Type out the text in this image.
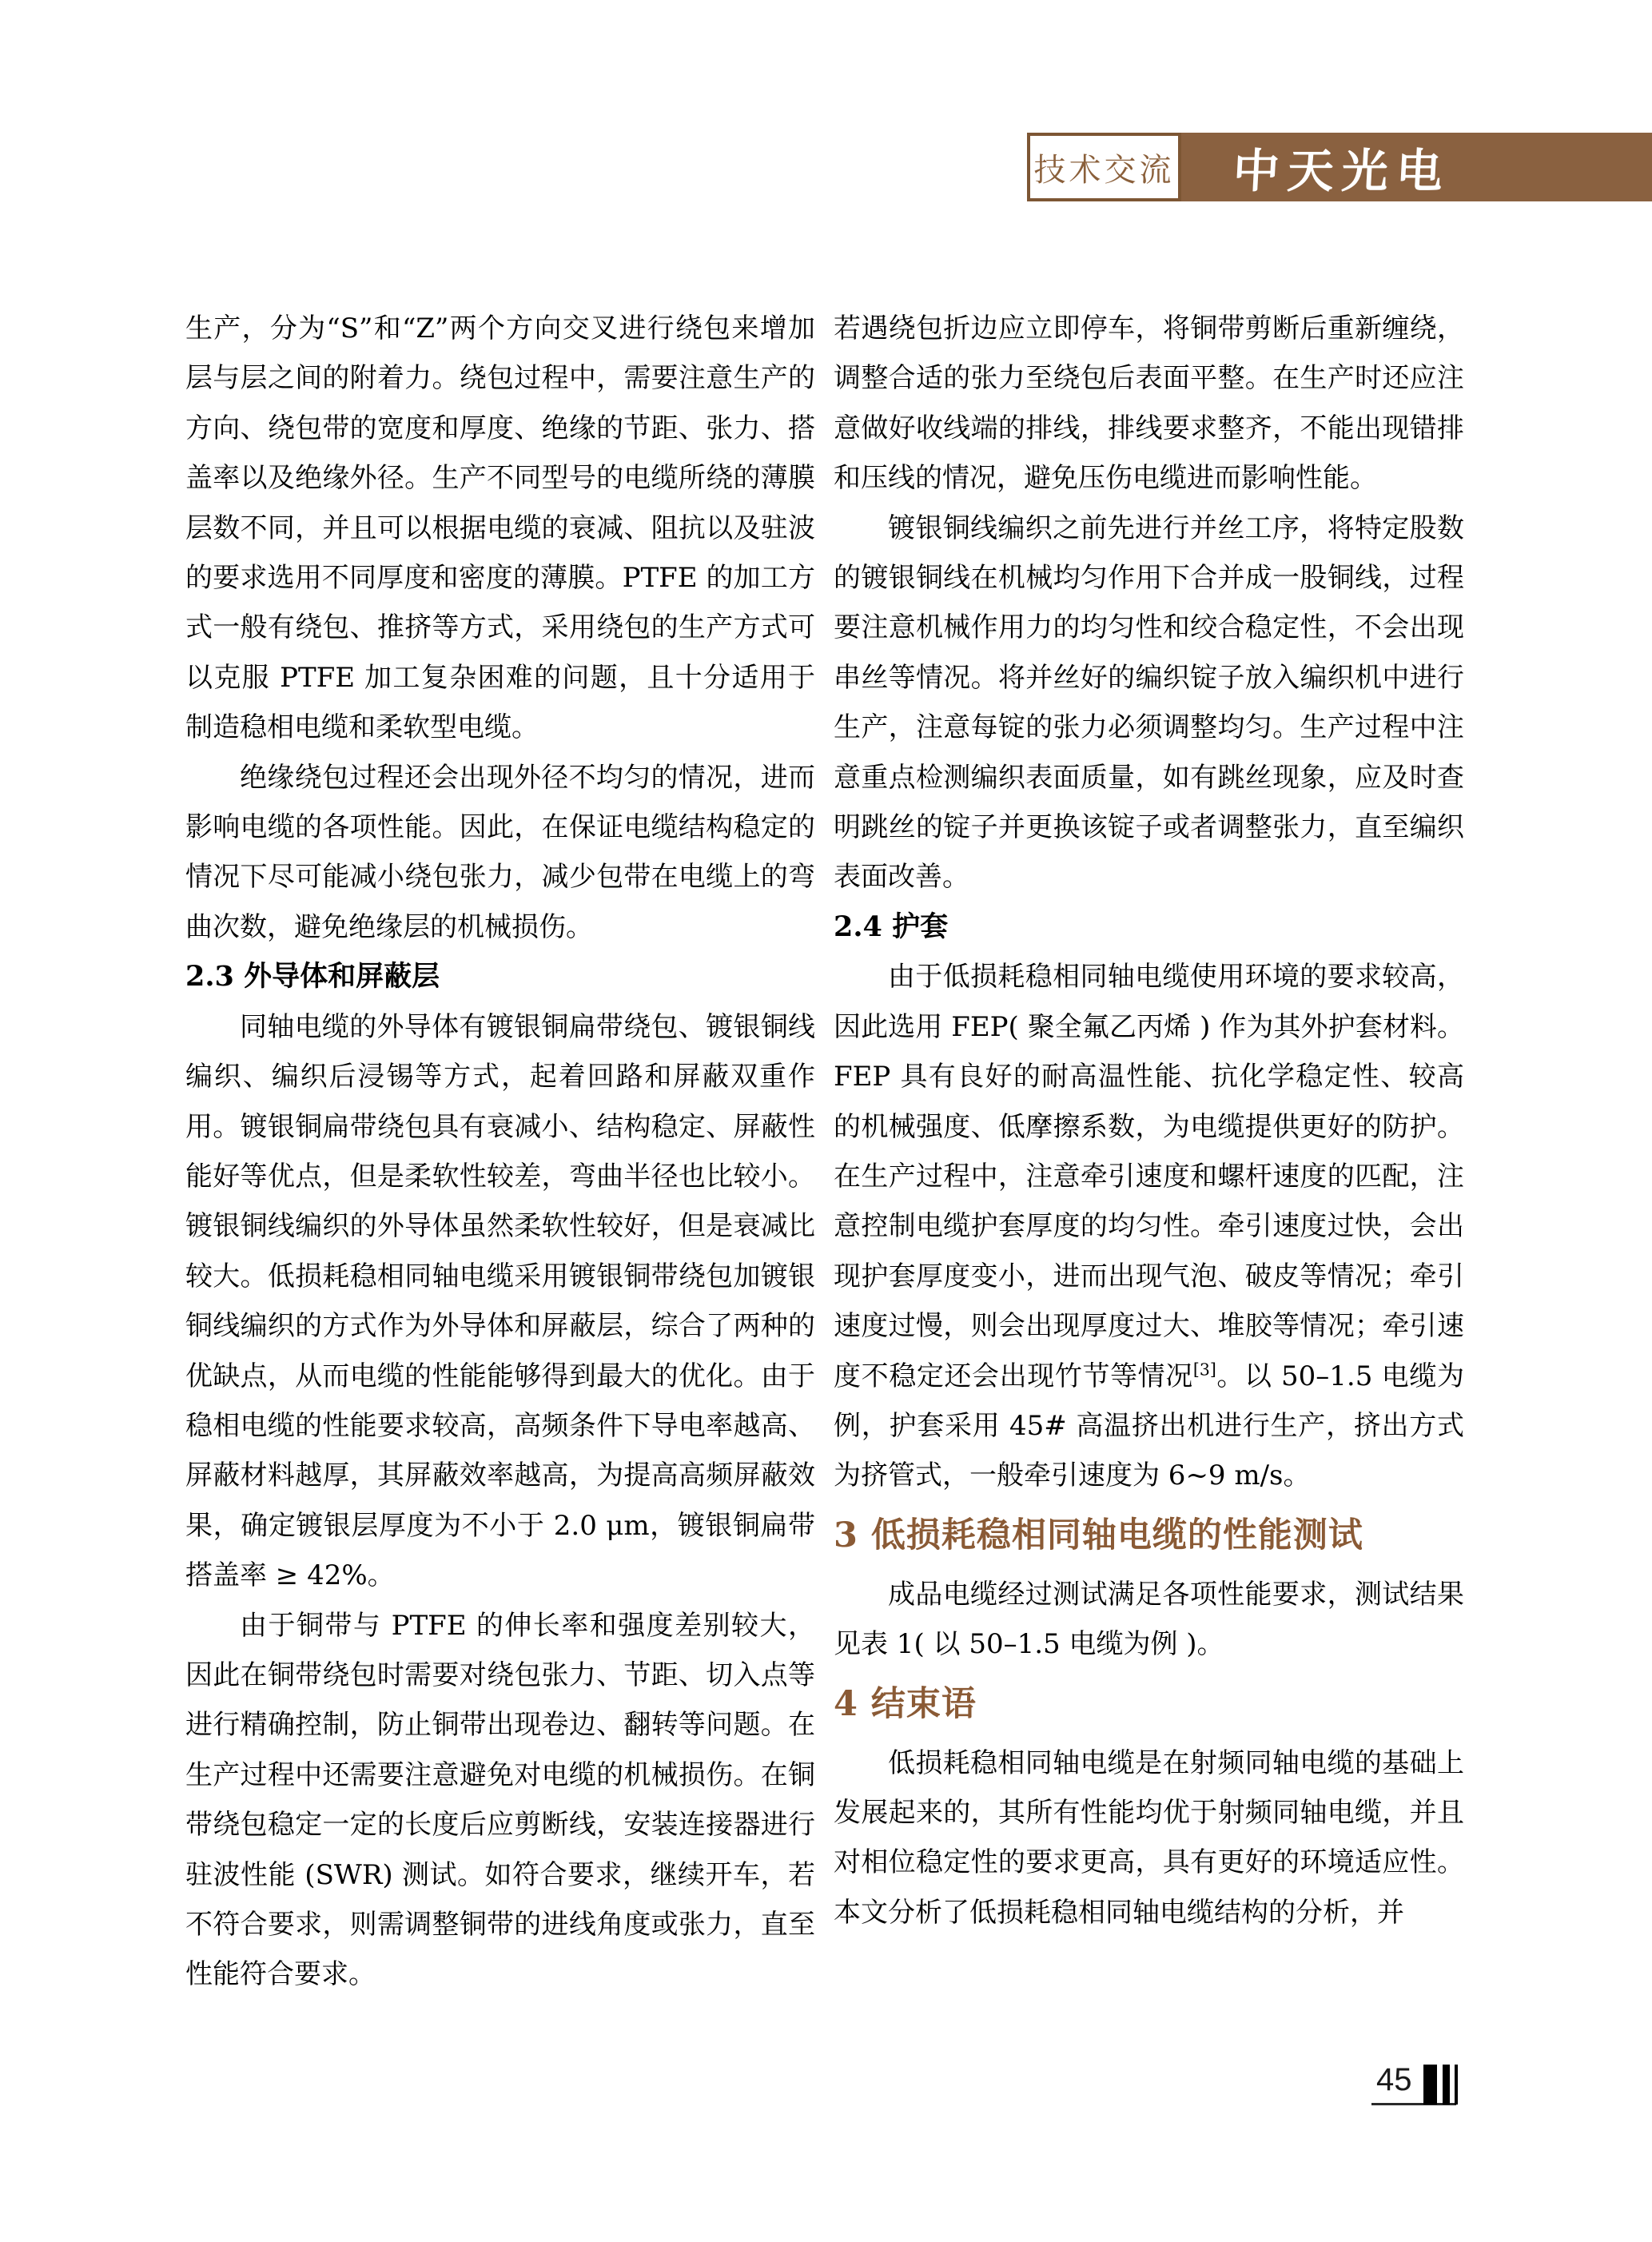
技术交流 中天光电

生产，分为“S”和“Z”两个方向交叉进行绕包来增加层与层之间的附着力。绕包过程中，需要注意生产的方向、绕包带的宽度和厚度、绝缘的节距、张力、搭盖率以及绝缘外径。生产不同型号的电缆所绕的薄膜层数不同，并且可以根据电缆的衰减、阻抗以及驻波的要求选用不同厚度和密度的薄膜。PTFE 的加工方式一般有绕包、推挤等方式，采用绕包的生产方式可以克服 PTFE 加工复杂困难的问题，且十分适用于制造稳相电缆和柔软型电缆。

绝缘绕包过程还会出现外径不均匀的情况，进而影响电缆的各项性能。因此，在保证电缆结构稳定的情况下尽可能减小绕包张力，减少包带在电缆上的弯曲次数，避免绝缘层的机械损伤。

2.3 外导体和屏蔽层

同轴电缆的外导体有镀银铜扁带绕包、镀银铜线编织、编织后浸锡等方式，起着回路和屏蔽双重作用。镀银铜扁带绕包具有衰减小、结构稳定、屏蔽性能好等优点，但是柔软性较差，弯曲半径也比较小。镀银铜线编织的外导体虽然柔软性较好，但是衰减比较大。低损耗稳相同轴电缆采用镀银铜带绕包加镀银铜线编织的方式作为外导体和屏蔽层，综合了两种的优缺点，从而电缆的性能能够得到最大的优化。由于稳相电缆的性能要求较高，高频条件下导电率越高、屏蔽材料越厚，其屏蔽效率越高，为提高高频屏蔽效果，确定镀银层厚度为不小于 2.0 μm，镀银铜扁带搭盖率 ≥ 42%。

由于铜带与 PTFE 的伸长率和强度差别较大，因此在铜带绕包时需要对绕包张力、节距、切入点等进行精确控制，防止铜带出现卷边、翻转等问题。在生产过程中还需要注意避免对电缆的机械损伤。在铜带绕包稳定一定的长度后应剪断线，安装连接器进行驻波性能 (SWR) 测试。如符合要求，继续开车，若不符合要求，则需调整铜带的进线角度或张力，直至性能符合要求。

若遇绕包折边应立即停车，将铜带剪断后重新缠绕，调整合适的张力至绕包后表面平整。在生产时还应注意做好收线端的排线，排线要求整齐，不能出现错排和压线的情况，避免压伤电缆进而影响性能。

镀银铜线编织之前先进行并丝工序，将特定股数的镀银铜线在机械均匀作用下合并成一股铜线，过程要注意机械作用力的均匀性和绞合稳定性，不会出现串丝等情况。将并丝好的编织锭子放入编织机中进行生产，注意每锭的张力必须调整均匀。生产过程中注意重点检测编织表面质量，如有跳丝现象，应及时查明跳丝的锭子并更换该锭子或者调整张力，直至编织表面改善。

2.4 护套

由于低损耗稳相同轴电缆使用环境的要求较高，因此选用 FEP( 聚全氟乙丙烯 ) 作为其外护套材料。FEP 具有良好的耐高温性能、抗化学稳定性、较高的机械强度、低摩擦系数，为电缆提供更好的防护。在生产过程中，注意牵引速度和螺杆速度的匹配，注意控制电缆护套厚度的均匀性。牵引速度过快，会出现护套厚度变小，进而出现气泡、破皮等情况；牵引速度过慢，则会出现厚度过大、堆胶等情况；牵引速度不稳定还会出现竹节等情况[3]。以 50–1.5 电缆为例，护套采用 45# 高温挤出机进行生产，挤出方式为挤管式，一般牵引速度为 6~9 m/s。

3 低损耗稳相同轴电缆的性能测试

成品电缆经过测试满足各项性能要求，测试结果见表 1( 以 50–1.5 电缆为例 )。

4 结束语

低损耗稳相同轴电缆是在射频同轴电缆的基础上发展起来的，其所有性能均优于射频同轴电缆，并且对相位稳定性的要求更高，具有更好的环境适应性。本文分析了低损耗稳相同轴电缆结构的分析，并

45
